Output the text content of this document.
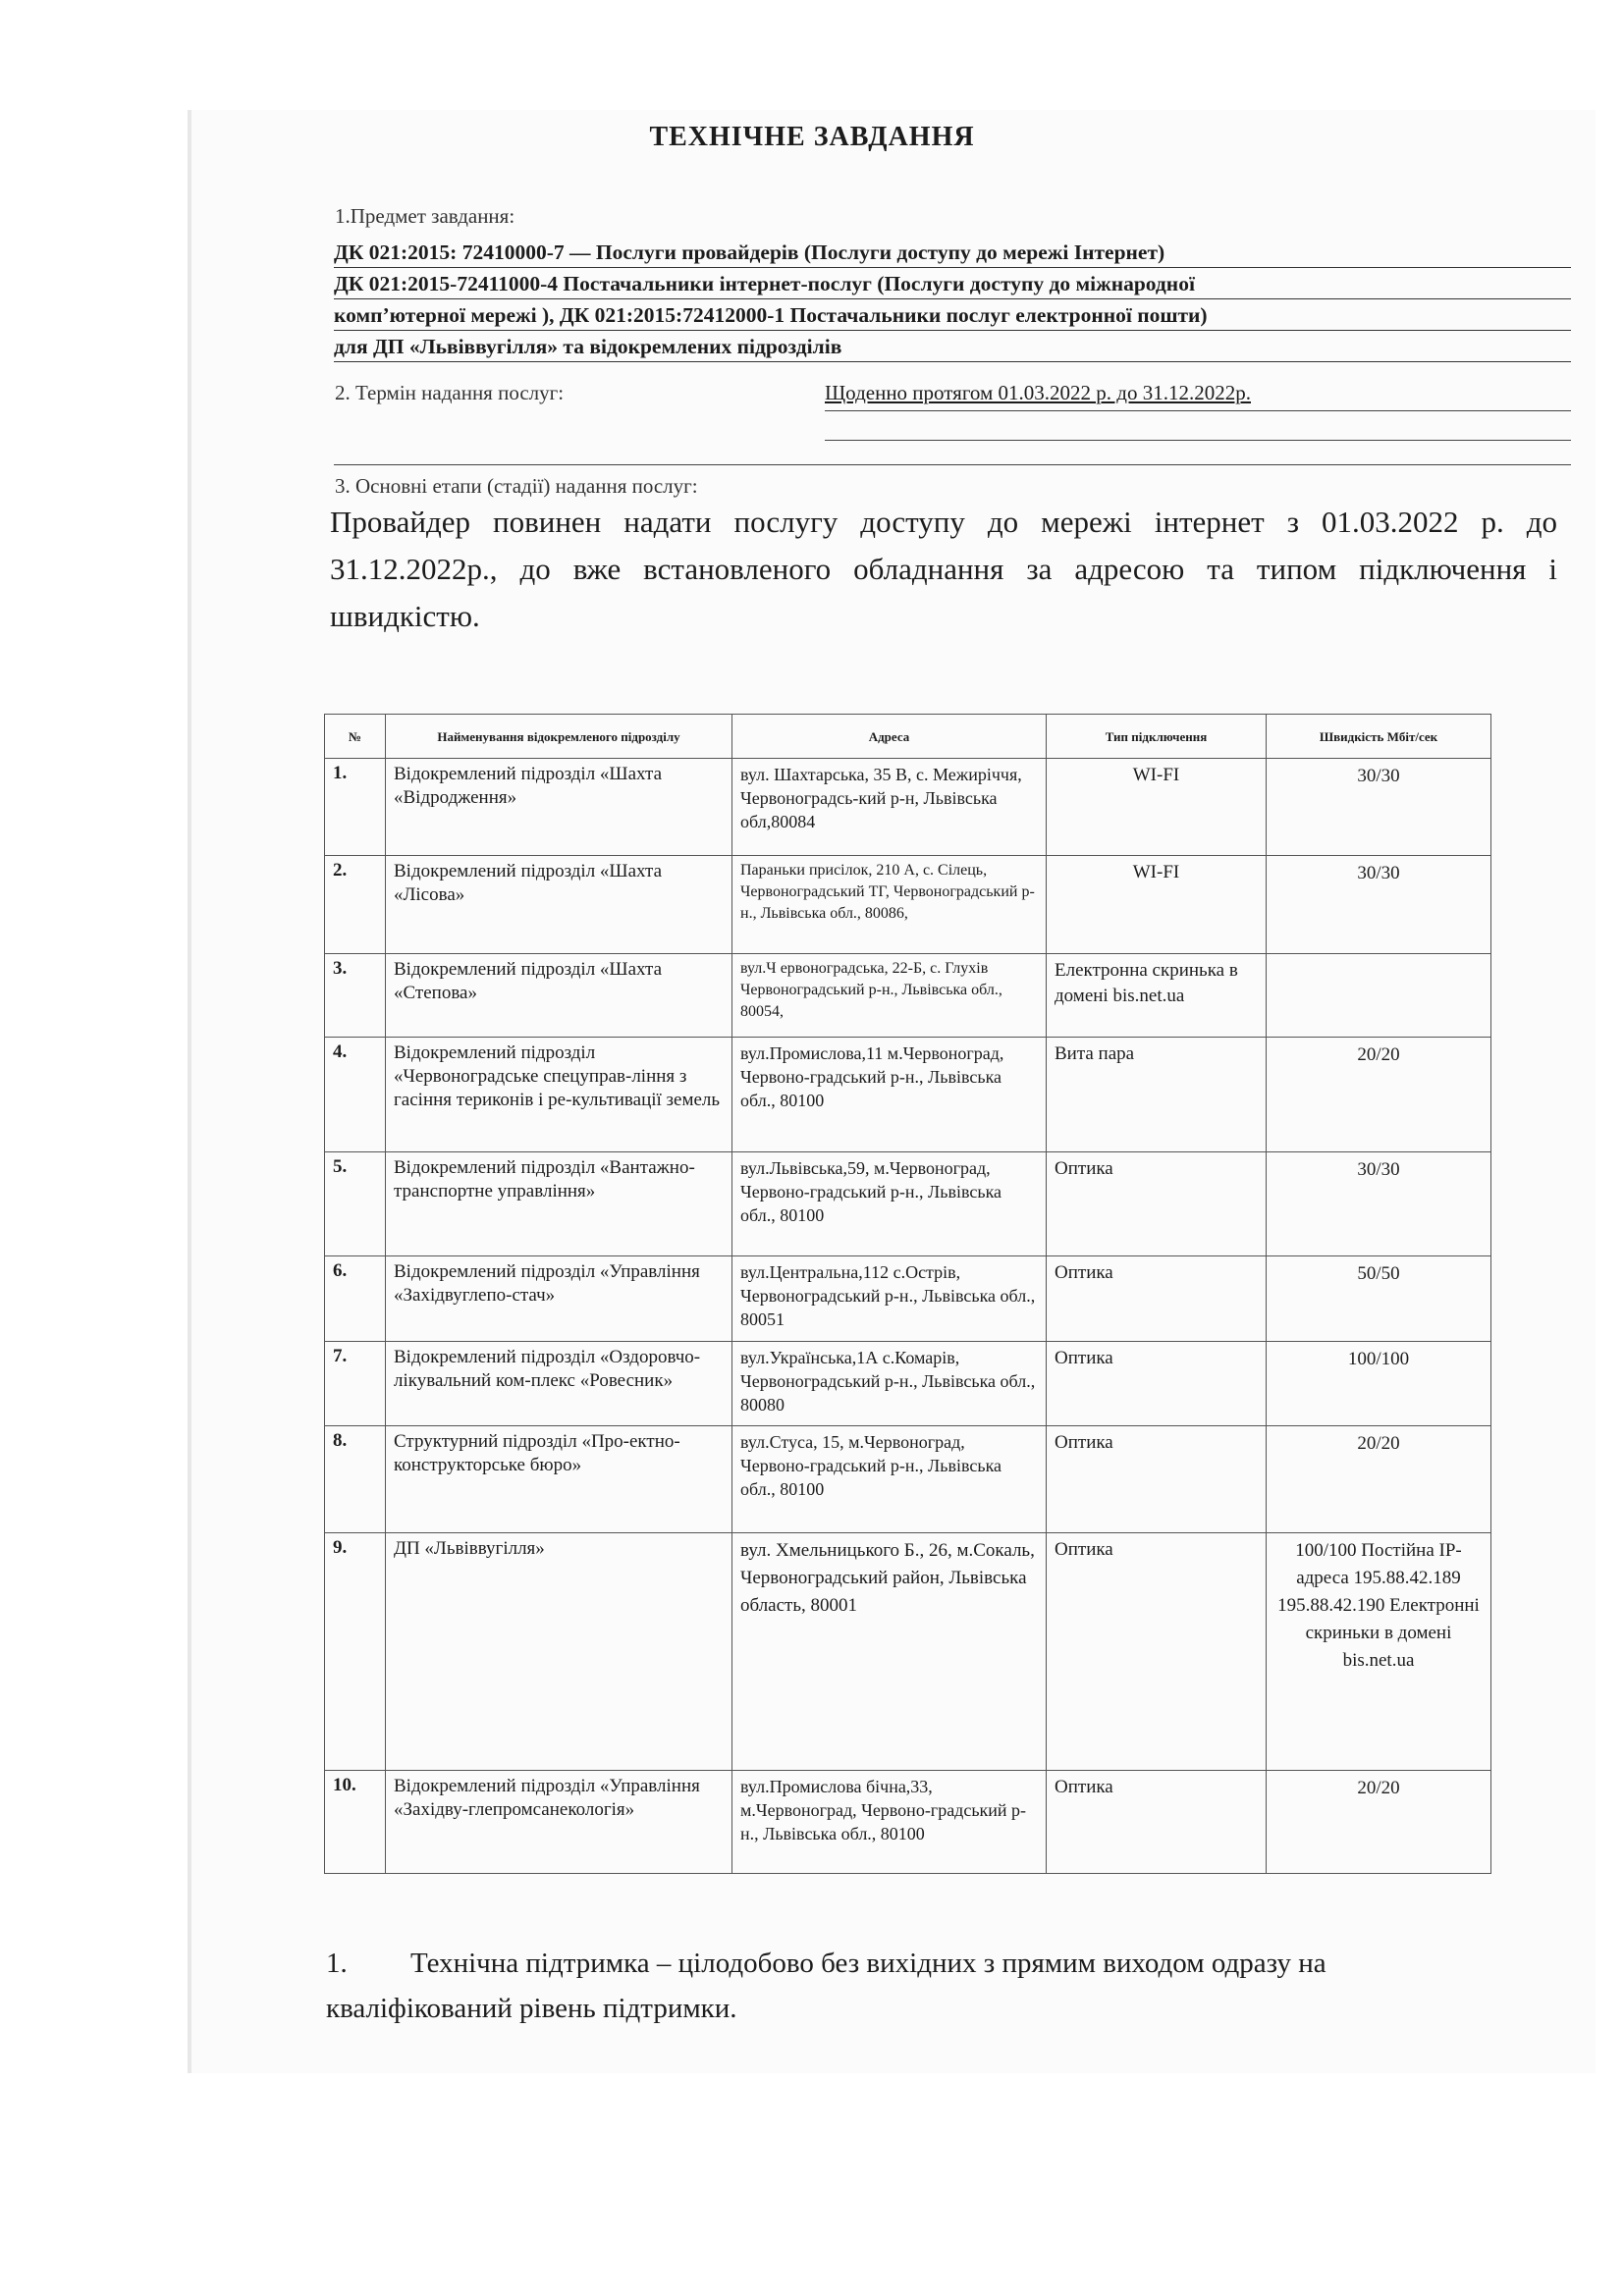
ТЕХНІЧНЕ ЗАВДАННЯ
1.Предмет завдання:
ДК 021:2015: 72410000-7 — Послуги провайдерів (Послуги доступу до мережі Інтернет)
ДК 021:2015-72411000-4 Постачальники інтернет-послуг (Послуги доступу до міжнародної
комп’ютерної мережі ), ДК 021:2015:72412000-1 Постачальники послуг електронної пошти)
для ДП «Львіввугілля» та відокремлених підрозділів
2. Термін надання послуг:	Щоденно протягом 01.03.2022 р. до 31.12.2022р.
3. Основні етапи (стадії) надання послуг:
Провайдер повинен надати послугу доступу до мережі інтернет з 01.03.2022 р. до 31.12.2022р., до вже встановленого обладнання за адресою та типом підключення і швидкістю.
№	Найменування відокремленого підрозділу	Адреса	Тип підключення	Швидкість Мбіт/сек
1.	Відокремлений підрозділ «Шахта «Відродження»	вул. Шахтарська, 35 В, с. Межиріччя, Червоноградсь-кий р-н, Львівська обл,80084	WI-FI	30/30
2.	Відокремлений підрозділ «Шахта «Лісова»	Параньки присілок, 210 А, с. Сілець, Червоноградський ТГ, Червоноградський р-н., Львівська обл., 80086,	WI-FI	30/30
3.	Відокремлений підрозділ «Шахта «Степова»	вул.Ч ервоноградська, 22-Б, с. Глухів Червоноградський р-н., Львівська обл., 80054,	Електронна скринька в домені bis.net.ua	
4.	Відокремлений підрозділ «Червоноградське спецуправ-ління з гасіння териконів і ре-культивації земель	вул.Промислова,11 м.Червоноград, Червоно-градський р-н., Львівська обл., 80100	Вита пара	20/20
5.	Відокремлений підрозділ «Вантажно-транспортне управління»	вул.Львівська,59, м.Червоноград, Червоно-градський р-н., Львівська обл., 80100	Оптика	30/30
6.	Відокремлений підрозділ «Управління «Західвуглепо-стач»	вул.Центральна,112 с.Острів, Червоноградський р-н., Львівська обл., 80051	Оптика	50/50
7.	Відокремлений підрозділ «Оздоровчо-лікувальний ком-плекс «Ровесник»	вул.Українська,1А с.Комарів, Червоноградський р-н., Львівська обл., 80080	Оптика	100/100
8.	Структурний підрозділ «Про-ектно-конструкторське бюро»	вул.Стуса, 15, м.Червоноград, Червоно-градський р-н., Львівська обл., 80100	Оптика	20/20
9.	ДП «Львіввугілля»	вул. Хмельницького Б., 26, м.Сокаль, Червоноградський район, Львівська область, 80001	Оптика	100/100 Постійна IP-адреса 195.88.42.189 195.88.42.190 Електронні скриньки в домені bis.net.ua
10.	Відокремлений підрозділ «Управління «Західву-глепромсанекологія»	вул.Промислова бічна,33, м.Червоноград, Червоно-градський р-н., Львівська обл., 80100	Оптика	20/20
1. Технічна підтримка – цілодобово без вихідних з прямим виходом одразу на кваліфікований рівень підтримки.
